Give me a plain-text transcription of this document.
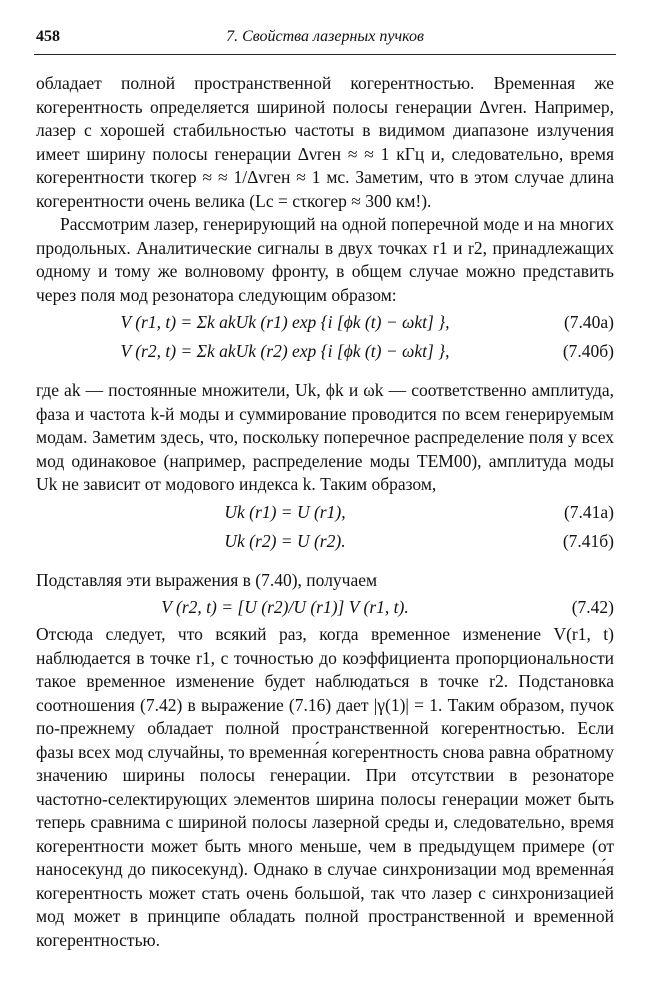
458	7. Свойства лазерных пучков

обладает полной пространственной когерентностью. Временная же когерентность определяется шириной полосы генерации Δνген. Например, лазер с хорошей стабильностью частоты в видимом диапазоне излучения имеет ширину полосы генерации Δνген ≈ ≈ 1 кГц и, следовательно, время когерентности τкогер ≈ ≈ 1/Δνген ≈ 1 мс. Заметим, что в этом случае длина когерентности очень велика (Lc = cτкогер ≈ 300 км!).

Рассмотрим лазер, генерирующий на одной поперечной моде и на многих продольных. Аналитические сигналы в двух точках r1 и r2, принадлежащих одному и тому же волновому фронту, в общем случае можно представить через поля мод резонатора следующим образом:

V (r1, t) = Σk akUk (r1) exp {i [ϕk (t) − ωkt] },	(7.40a)
V (r2, t) = Σk akUk (r2) exp {i [ϕk (t) − ωkt] },	(7.40б)

где ak — постоянные множители, Uk, ϕk и ωk — соответственно амплитуда, фаза и частота k-й моды и суммирование проводится по всем генерируемым модам. Заметим здесь, что, поскольку поперечное распределение поля у всех мод одинаковое (например, распределение моды TEM00), амплитуда моды Uk не зависит от модового индекса k. Таким образом,

Uk (r1) = U (r1),	(7.41a)
Uk (r2) = U (r2).	(7.41б)

Подставляя эти выражения в (7.40), получаем

V (r2, t) = [U (r2)/U (r1)] V (r1, t).	(7.42)

Отсюда следует, что всякий раз, когда временное изменение V(r1, t) наблюдается в точке r1, с точностью до коэффициента пропорциональности такое временное изменение будет наблюдаться в точке r2. Подстановка соотношения (7.42) в выражение (7.16) дает |γ(1)| = 1. Таким образом, пучок по-прежнему обладает полной пространственной когерентностью. Если фазы всех мод случайны, то временна́я когерентность снова равна обратному значению ширины полосы генерации. При отсутствии в резонаторе частотно-селектирующих элементов ширина полосы генерации может быть теперь сравнима с шириной полосы лазерной среды и, следовательно, время когерентности может быть много меньше, чем в предыдущем примере (от наносекунд до пикосекунд). Однако в случае синхронизации мод временна́я когерентность может стать очень большой, так что лазер с синхронизацией мод может в принципе обладать полной пространственной и временной когерентностью.
